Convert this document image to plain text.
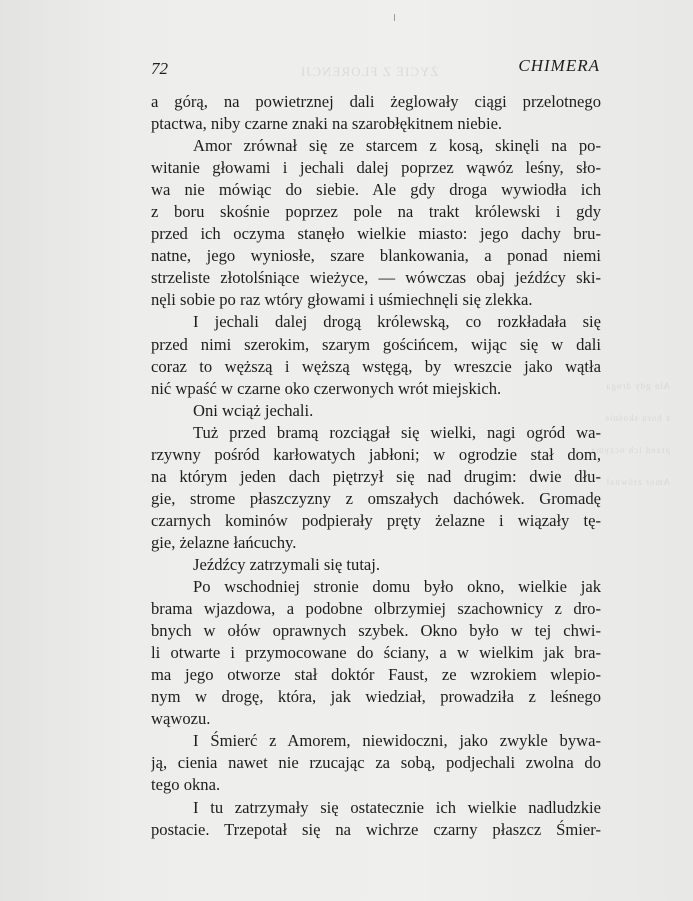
ŻYCIE Z FLORENCJI
Ale gdy droga
z boru skośnie
przed ich oczyma
Amor zrównał
72	CHIMERA
a górą, na powietrznej dali żeglowały ciągi przelotnego
ptactwa, niby czarne znaki na szarobłękitnem niebie.
Amor zrównał się ze starcem z kosą, skinęli na po-
witanie głowami i jechali dalej poprzez wąwóz leśny, sło-
wa nie mówiąc do siebie. Ale gdy droga wywiodła ich
z boru skośnie poprzez pole na trakt królewski i gdy
przed ich oczyma stanęło wielkie miasto: jego dachy bru-
natne, jego wyniosłe, szare blankowania, a ponad niemi
strzeliste złotolśniące wieżyce, — wówczas obaj jeźdźcy ski-
nęli sobie po raz wtóry głowami i uśmiechnęli się zlekka.
I jechali dalej drogą królewską, co rozkładała się
przed nimi szerokim, szarym gościńcem, wijąc się w dali
coraz to węższą i węższą wstęgą, by wreszcie jako wątła
nić wpaść w czarne oko czerwonych wrót miejskich.
Oni wciąż jechali.
Tuż przed bramą rozciągał się wielki, nagi ogród wa-
rzywny pośród karłowatych jabłoni; w ogrodzie stał dom,
na którym jeden dach piętrzył się nad drugim: dwie dłu-
gie, strome płaszczyzny z omszałych dachówek. Gromadę
czarnych kominów podpierały pręty żelazne i wiązały tę-
gie, żelazne łańcuchy.
Jeźdźcy zatrzymali się tutaj.
Po wschodniej stronie domu było okno, wielkie jak
brama wjazdowa, a podobne olbrzymiej szachownicy z dro-
bnych w ołów oprawnych szybek. Okno było w tej chwi-
li otwarte i przymocowane do ściany, a w wielkim jak bra-
ma jego otworze stał doktór Faust, ze wzrokiem wlepio-
nym w drogę, która, jak wiedział, prowadziła z leśnego
wąwozu.
I Śmierć z Amorem, niewidoczni, jako zwykle bywa-
ją, cienia nawet nie rzucając za sobą, podjechali zwolna do
tego okna.
I tu zatrzymały się ostatecznie ich wielkie nadludzkie
postacie. Trzepotał się na wichrze czarny płaszcz Śmier-
